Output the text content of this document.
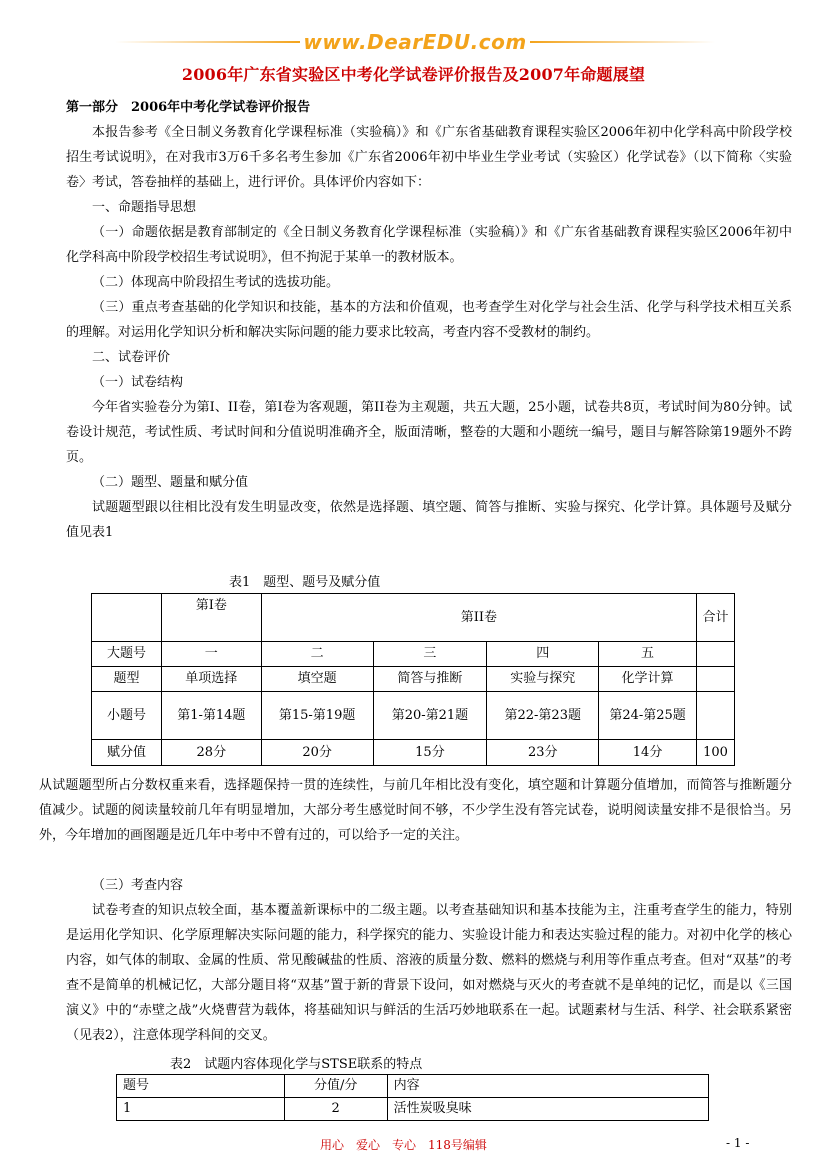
www.DearEDU.com
2006年广东省实验区中考化学试卷评价报告及2007年命题展望

第一部分　2006年中考化学试卷评价报告

本报告参考《全日制义务教育化学课程标准（实验稿）》和《广东省基础教育课程实验区2006年初中化学科高中阶段学校招生考试说明》，在对我市3万6千多名考生参加《广东省2006年初中毕业生学业考试（实验区）化学试卷》（以下简称〈实验卷〉考试，答卷抽样的基础上，进行评价。具体评价内容如下：

一、命题指导思想

（一）命题依据是教育部制定的《全日制义务教育化学课程标准（实验稿）》和《广东省基础教育课程实验区2006年初中化学科高中阶段学校招生考试说明》，但不拘泥于某单一的教材版本。

（二）体现高中阶段招生考试的选拔功能。

（三）重点考查基础的化学知识和技能，基本的方法和价值观，也考查学生对化学与社会生活、化学与科学技术相互关系的理解。对运用化学知识分析和解决实际问题的能力要求比较高，考查内容不受教材的制约。

二、试卷评价

（一）试卷结构

今年省实验卷分为第I、II卷，第I卷为客观题，第II卷为主观题，共五大题，25小题，试卷共8页，考试时间为80分钟。试卷设计规范，考试性质、考试时间和分值说明准确齐全，版面清晰，整卷的大题和小题统一编号，题目与解答除第19题外不跨页。

（二）题型、题量和赋分值

试题题型跟以往相比没有发生明显改变，依然是选择题、填空题、简答与推断、实验与探究、化学计算。具体题号及赋分值见表1

表1　题型、题号及赋分值
	第I卷	第II卷				合计
大题号	一	二	三	四	五	
题型	单项选择	填空题	简答与推断	实验与探究	化学计算	
小题号	第1-第14题	第15-第19题	第20-第21题	第22-第23题	第24-第25题	
赋分值	28分	20分	15分	23分	14分	100

从试题题型所占分数权重来看，选择题保持一贯的连续性，与前几年相比没有变化，填空题和计算题分值增加，而简答与推断题分值减少。试题的阅读量较前几年有明显增加，大部分考生感觉时间不够，不少学生没有答完试卷，说明阅读量安排不是很恰当。另外，今年增加的画图题是近几年中考中不曾有过的，可以给予一定的关注。

（三）考查内容

试卷考查的知识点较全面，基本覆盖新课标中的二级主题。以考查基础知识和基本技能为主，注重考查学生的能力，特别是运用化学知识、化学原理解决实际问题的能力，科学探究的能力、实验设计能力和表达实验过程的能力。对初中化学的核心内容，如气体的制取、金属的性质、常见酸碱盐的性质、溶液的质量分数、燃料的燃烧与利用等作重点考查。但对“双基”的考查不是简单的机械记忆，大部分题目将“双基”置于新的背景下设问，如对燃烧与灭火的考查就不是单纯的记忆，而是以《三国演义》中的“赤壁之战”火烧曹营为载体，将基础知识与鲜活的生活巧妙地联系在一起。试题素材与生活、科学、社会联系紧密（见表2），注意体现学科间的交叉。

表2　试题内容体现化学与STSE联系的特点
题号	分值/分	内容
1	2	活性炭吸臭味
用心　爱心　专心　118号编辑	- 1 -
